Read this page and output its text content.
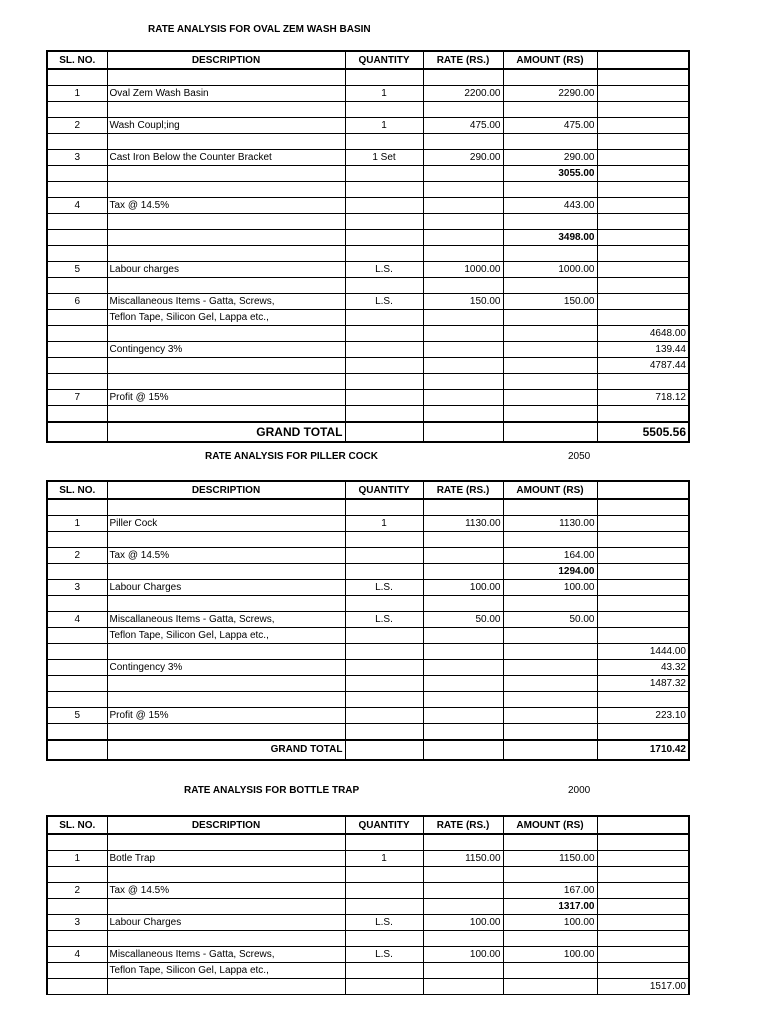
RATE ANALYSIS FOR OVAL ZEM WASH BASIN
SL. NO.	DESCRIPTION	QUANTITY	RATE (RS.)	AMOUNT (RS)	

1	Oval Zem Wash Basin	1	2200.00	2290.00	

2	Wash Coupl;ing	1	475.00	475.00	

3	Cast Iron Below the Counter Bracket	1 Set	290.00	290.00	
				3055.00	

4	Tax @ 14.5%			443.00	

				3498.00	

5	Labour charges	L.S.	1000.00	1000.00	

6	Miscallaneous Items - Gatta, Screws,	L.S.	150.00	150.00	
	Teflon Tape, Silicon Gel, Lappa etc.,				
					4648.00
	Contingency 3%				139.44
					4787.44

7	Profit @ 15%				718.12

	GRAND TOTAL				5505.56
RATE ANALYSIS FOR PILLER COCK	2050
SL. NO.	DESCRIPTION	QUANTITY	RATE (RS.)	AMOUNT (RS)	

1	Piller Cock	1	1130.00	1130.00	

2	Tax @ 14.5%			164.00	
				1294.00	
3	Labour Charges	L.S.	100.00	100.00	

4	Miscallaneous Items - Gatta, Screws,	L.S.	50.00	50.00	
	Teflon Tape, Silicon Gel, Lappa etc.,				
					1444.00
	Contingency 3%				43.32
					1487.32

5	Profit @ 15%				223.10

	GRAND TOTAL				1710.42
RATE ANALYSIS FOR BOTTLE TRAP	2000
SL. NO.	DESCRIPTION	QUANTITY	RATE (RS.)	AMOUNT (RS)	

1	Botle Trap	1	1150.00	1150.00	

2	Tax @ 14.5%			167.00	
				1317.00	
3	Labour Charges	L.S.	100.00	100.00	

4	Miscallaneous Items - Gatta, Screws,	L.S.	100.00	100.00	
	Teflon Tape, Silicon Gel, Lappa etc.,				
					1517.00
